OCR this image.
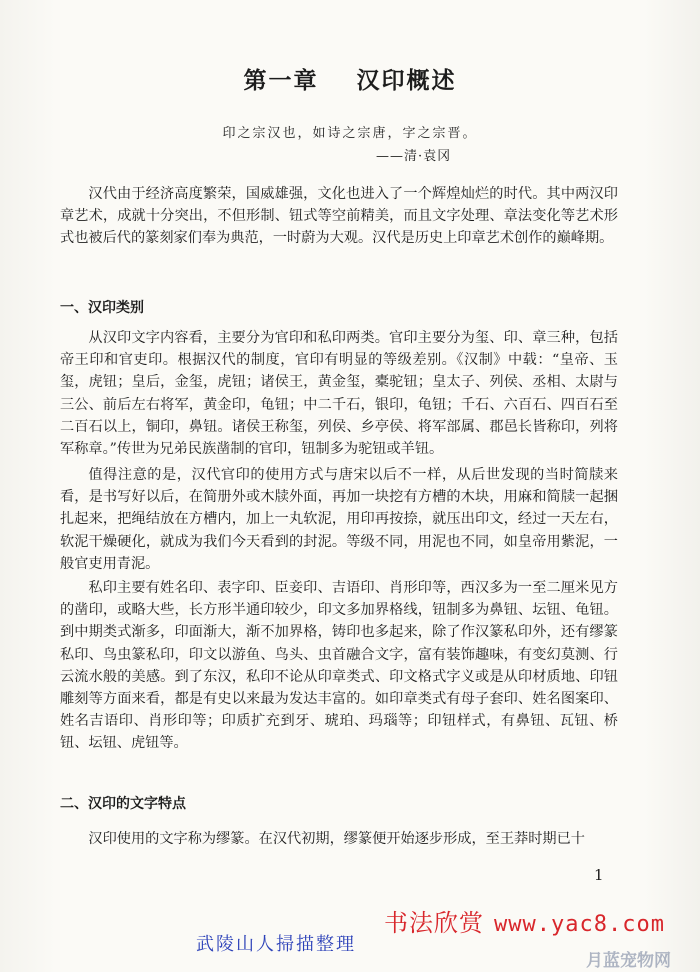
第一章 汉印概述
印之宗汉也，如诗之宗唐，字之宗晋。
——清·袁冈

汉代由于经济高度繁荣，国威雄强，文化也进入了一个辉煌灿烂的时代。其中两汉印章艺术，成就十分突出，不但形制、钮式等空前精美，而且文字处理、章法变化等艺术形式也被后代的篆刻家们奉为典范，一时蔚为大观。汉代是历史上印章艺术创作的巅峰期。

一、汉印类别

从汉印文字内容看，主要分为官印和私印两类。官印主要分为玺、印、章三种，包括帝王印和官吏印。根据汉代的制度，官印有明显的等级差别。《汉制》中载：“皇帝、玉玺，虎钮；皇后，金玺，虎钮；诸侯王，黄金玺，橐驼钮；皇太子、列侯、丞相、太尉与三公、前后左右将军，黄金印，龟钮；中二千石，银印，龟钮；千石、六百石、四百石至二百石以上，铜印，鼻钮。诸侯王称玺，列侯、乡亭侯、将军部属、郡邑长皆称印，列将军称章。”传世为兄弟民族凿制的官印，钮制多为驼钮或羊钮。

值得注意的是，汉代官印的使用方式与唐宋以后不一样，从后世发现的当时简牍来看，是书写好以后，在简册外或木牍外面，再加一块挖有方槽的木块，用麻和简牍一起捆扎起来，把绳结放在方槽内，加上一丸软泥，用印再按捺，就压出印文，经过一天左右，软泥干燥硬化，就成为我们今天看到的封泥。等级不同，用泥也不同，如皇帝用紫泥，一般官吏用青泥。

私印主要有姓名印、表字印、臣妾印、吉语印、肖形印等，西汉多为一至二厘米见方的凿印，或略大些，长方形半通印较少，印文多加界格线，钮制多为鼻钮、坛钮、龟钮。到中期类式渐多，印面渐大，渐不加界格，铸印也多起来，除了作汉篆私印外，还有缪篆私印、鸟虫篆私印，印文以游鱼、鸟头、虫首融合文字，富有装饰趣味，有变幻莫测、行云流水般的美感。到了东汉，私印不论从印章类式、印文格式字义或是从印材质地、印钮雕刻等方面来看，都是有史以来最为发达丰富的。如印章类式有母子套印、姓名图案印、姓名吉语印、肖形印等；印质扩充到牙、琥珀、玛瑙等；印钮样式，有鼻钮、瓦钮、桥钮、坛钮、虎钮等。

二、汉印的文字特点

汉印使用的文字称为缪篆。在汉代初期，缪篆便开始逐步形成，至王莽时期已十

1
书法欣赏 www.yac8.com
武陵山人掃描整理
月蓝宠物网
